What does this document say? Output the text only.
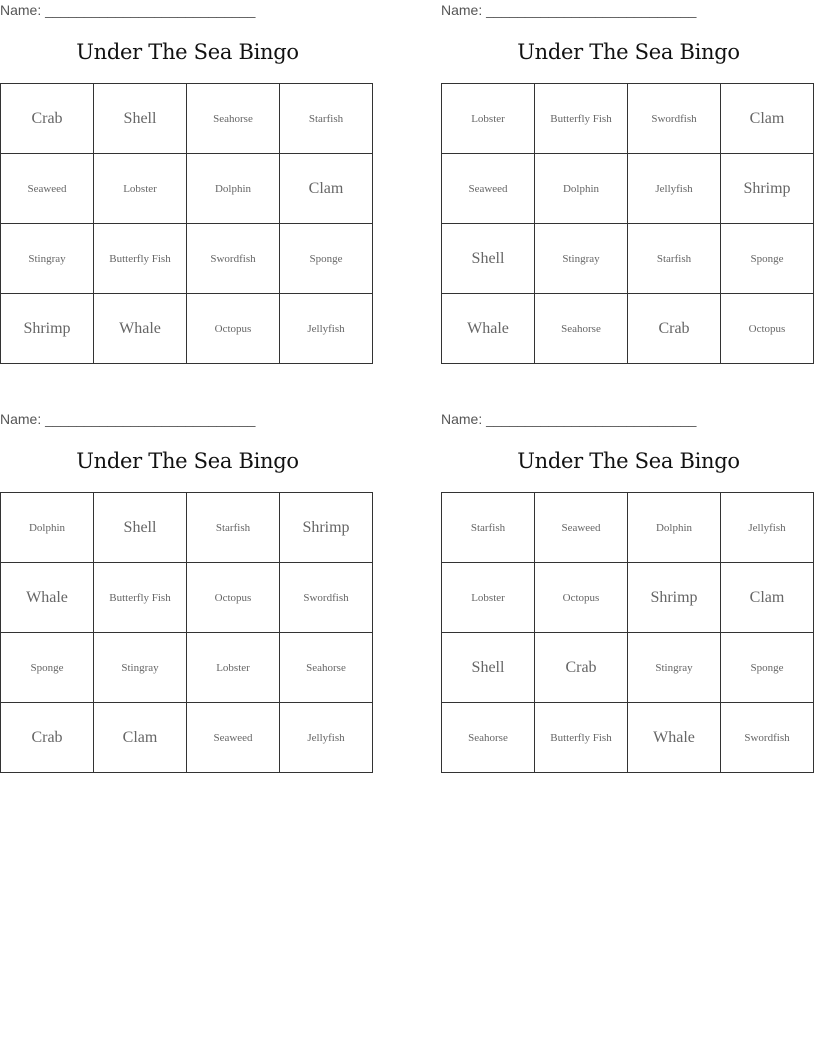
Name: ___________________________
Under The Sea Bingo
Crab	Shell	Seahorse	Starfish
Seaweed	Lobster	Dolphin	Clam
Stingray	Butterfly Fish	Swordfish	Sponge
Shrimp	Whale	Octopus	Jellyfish
Name: ___________________________
Under The Sea Bingo
Lobster	Butterfly Fish	Swordfish	Clam
Seaweed	Dolphin	Jellyfish	Shrimp
Shell	Stingray	Starfish	Sponge
Whale	Seahorse	Crab	Octopus
Name: ___________________________
Under The Sea Bingo
Dolphin	Shell	Starfish	Shrimp
Whale	Butterfly Fish	Octopus	Swordfish
Sponge	Stingray	Lobster	Seahorse
Crab	Clam	Seaweed	Jellyfish
Name: ___________________________
Under The Sea Bingo
Starfish	Seaweed	Dolphin	Jellyfish
Lobster	Octopus	Shrimp	Clam
Shell	Crab	Stingray	Sponge
Seahorse	Butterfly Fish	Whale	Swordfish
